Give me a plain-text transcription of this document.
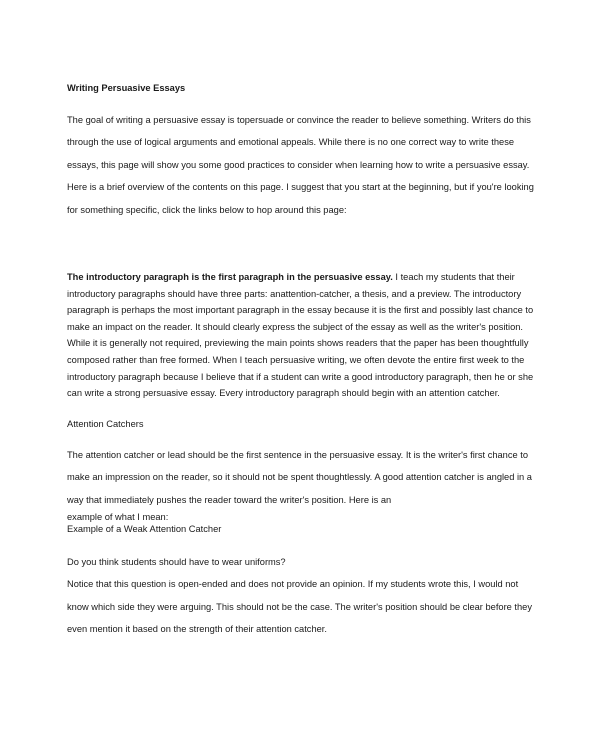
Writing Persuasive Essays

The goal of writing a persuasive essay is topersuade or convince the reader to believe something. Writers do this through the use of logical arguments and emotional appeals. While there is no one correct way to write these essays, this page will show you some good practices to consider when learning how to write a persuasive essay.

Here is a brief overview of the contents on this page. I suggest that you start at the beginning, but if you're looking for something specific, click the links below to hop around this page:

The introductory paragraph is the first paragraph in the persuasive essay. I teach my students that their introductory paragraphs should have three parts: anattention-catcher, a thesis, and a preview. The introductory paragraph is perhaps the most important paragraph in the essay because it is the first and possibly last chance to make an impact on the reader. It should clearly express the subject of the essay as well as the writer's position. While it is generally not required, previewing the main points shows readers that the paper has been thoughtfully composed rather than free formed. When I teach persuasive writing, we often devote the entire first week to the introductory paragraph because I believe that if a student can write a good introductory paragraph, then he or she can write a strong persuasive essay. Every introductory paragraph should begin with an attention catcher.

Attention Catchers

The attention catcher or lead should be the first sentence in the persuasive essay. It is the writer's first chance to make an impression on the reader, so it should not be spent thoughtlessly. A good attention catcher is angled in a way that immediately pushes the reader toward the writer's position. Here is an

example of what I mean:

Example of a Weak Attention Catcher

Do you think students should have to wear uniforms?

Notice that this question is open-ended and does not provide an opinion. If my students wrote this, I would not know which side they were arguing. This should not be the case. The writer's position should be clear before they even mention it based on the strength of their attention catcher.
